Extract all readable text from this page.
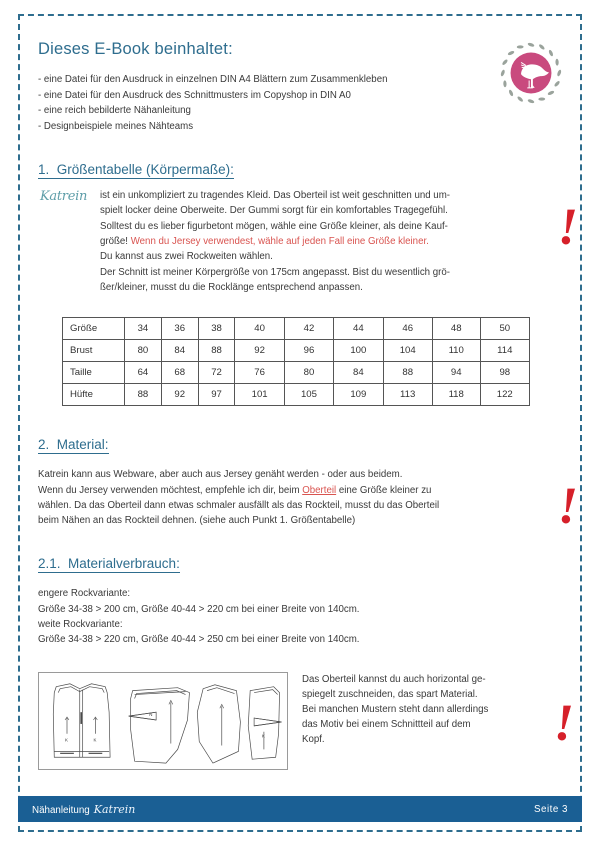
Dieses E-Book beinhaltet:
- eine Datei für den Ausdruck in einzelnen DIN A4 Blättern zum Zusammenkleben
- eine Datei für den Ausdruck des Schnittmusters im Copyshop in DIN A0
- eine reich bebilderte Nähanleitung
- Designbeispiele meines Nähteams
1.  Größentabelle (Körpermaße):
Katrein
!
ist ein unkompliziert zu tragendes Kleid. Das Oberteil ist weit geschnitten und um-
spielt locker deine Oberweite. Der Gummi sorgt für ein komfortables Tragegefühl.
Solltest du es lieber figurbetont mögen, wähle eine Größe kleiner, als deine Kauf-
größe! Wenn du Jersey verwendest, wähle auf jeden Fall eine Größe kleiner.
Du kannst aus zwei Rockweiten wählen.
Der Schnitt ist meiner Körpergröße von 175cm angepasst. Bist du wesentlich grö-
ßer/kleiner, musst du die Rocklänge entsprechend anpassen.
Größe	34	36	38	40	42	44	46	48	50
Brust	80	84	88	92	96	100	104	110	114
Taille	64	68	72	76	80	84	88	94	98
Hüfte	88	92	97	101	105	109	113	118	122
2.  Material:
!
Katrein kann aus Webware, aber auch aus Jersey genäht werden - oder aus beidem.
Wenn du Jersey verwenden möchtest, empfehle ich dir, beim Oberteil eine Größe kleiner zu
wählen. Da das Oberteil dann etwas schmaler ausfällt als das Rockteil, musst du das Oberteil
beim Nähen an das Rockteil dehnen. (siehe auch Punkt 1. Größentabelle)
2.1.  Materialverbrauch:
engere Rockvariante:
Größe 34-38 > 200 cm, Größe 40-44 > 220 cm bei einer Breite von 140cm.
weite Rockvariante:
Größe 34-38 > 220 cm, Größe 40-44 > 250 cm bei einer Breite von 140cm.
K	K
N
K	!
Das Oberteil kannst du auch horizontal ge-
spiegelt zuschneiden, das spart Material.
Bei manchen Mustern steht dann allerdings
das Motiv bei einem Schnittteil auf dem
Kopf.
Nähanleitung Katrein	Seite 3
